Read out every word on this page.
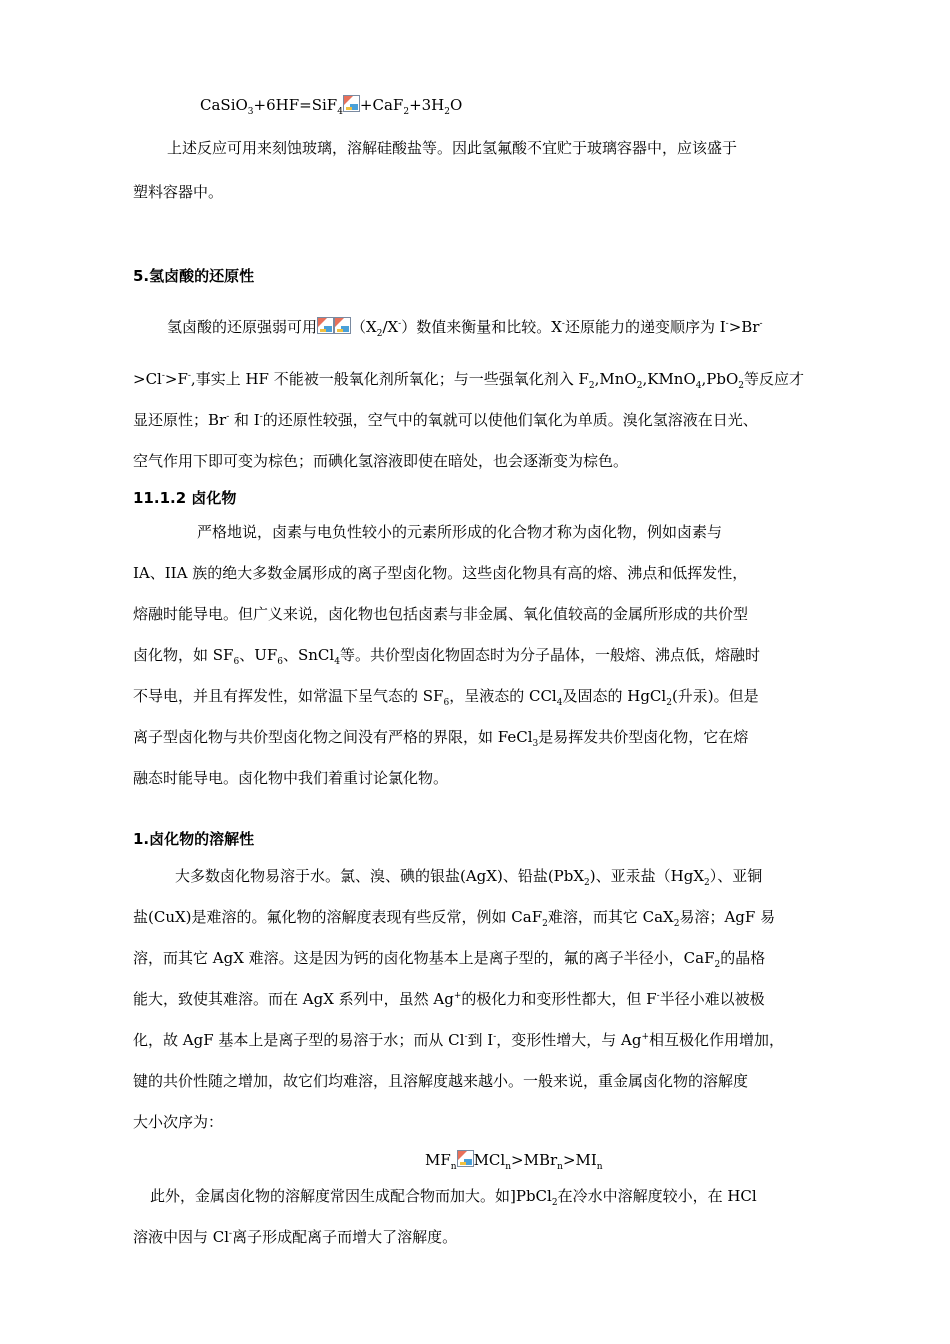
CaSiO$_3$+6HF=SiF$_4$ $+CaF_2+3H_2O$
上述反应可用来刻蚀玻璃，溶解硅酸盐等。因此氢氟酸不宜贮于玻璃容器中，应该盛于
塑料容器中。
5.氢卤酸的还原性
氢卤酸的还原强弱可用 $(X_2/X^-)$数值来衡量和比较。X-还原能力的递变顺序为 I->Br-
>Cl->F-,事实上 HF 不能被一般氧化剂所氧化；与一些强氧化剂入 $F_2,MnO_2,KMnO_4,PbO_2$等反应才
显还原性；Br- 和 I-的还原性较强，空气中的氧就可以使他们氧化为单质。溴化氢溶液在日光、
空气作用下即可变为棕色；而碘化氢溶液即使在暗处，也会逐渐变为棕色。
11.1.2 卤化物
严格地说，卤素与电负性较小的元素所形成的化合物才称为卤化物，例如卤素与
IA、IIA 族的绝大多数金属形成的离子型卤化物。这些卤化物具有高的熔、沸点和低挥发性，
熔融时能导电。但广义来说，卤化物也包括卤素与非金属、氧化值较高的金属所形成的共价型
卤化物，如 $SF_6$、$UF_6$、SnCl$_4$等。共价型卤化物固态时为分子晶体，一般熔、沸点低，熔融时
不导电，并且有挥发性，如常温下呈气态的 $SF_6$，呈液态的 CCl$_4$及固态的 HgCl$_2$(升汞)。但是
离子型卤化物与共价型卤化物之间没有严格的界限，如 FeCl$_3$是易挥发共价型卤化物，它在熔
融态时能导电。卤化物中我们着重讨论氯化物。
1.卤化物的溶解性
大多数卤化物易溶于水。氯、溴、碘的银盐(AgX)、铅盐(PbX$_2$)、亚汞盐（HgX$_2$）、亚铜
盐(CuX)是难溶的。氟化物的溶解度表现有些反常，例如 CaF$_2$难溶，而其它 CaX$_2$易溶；AgF 易
溶，而其它 AgX 难溶。这是因为钙的卤化物基本上是离子型的，氟的离子半径小，CaF$_2$的晶格
能大，致使其难溶。而在 AgX 系列中，虽然 Ag+的极化力和变形性都大，但 F-半径小难以被极
化，故 AgF 基本上是离子型的易溶于水；而从 Cl-到 I-，变形性增大，与 Ag+相互极化作用增加，
键的共价性随之增加，故它们均难溶，且溶解度越来越小。一般来说，重金属卤化物的溶解度
大小次序为：
$MF_n$ $MCl_n>MBr_n>MI_n$
此外，金属卤化物的溶解度常因生成配合物而加大。如]PbCl$_2$在冷水中溶解度较小，在 HCl
溶液中因与 Cl-离子形成配离子而增大了溶解度。
